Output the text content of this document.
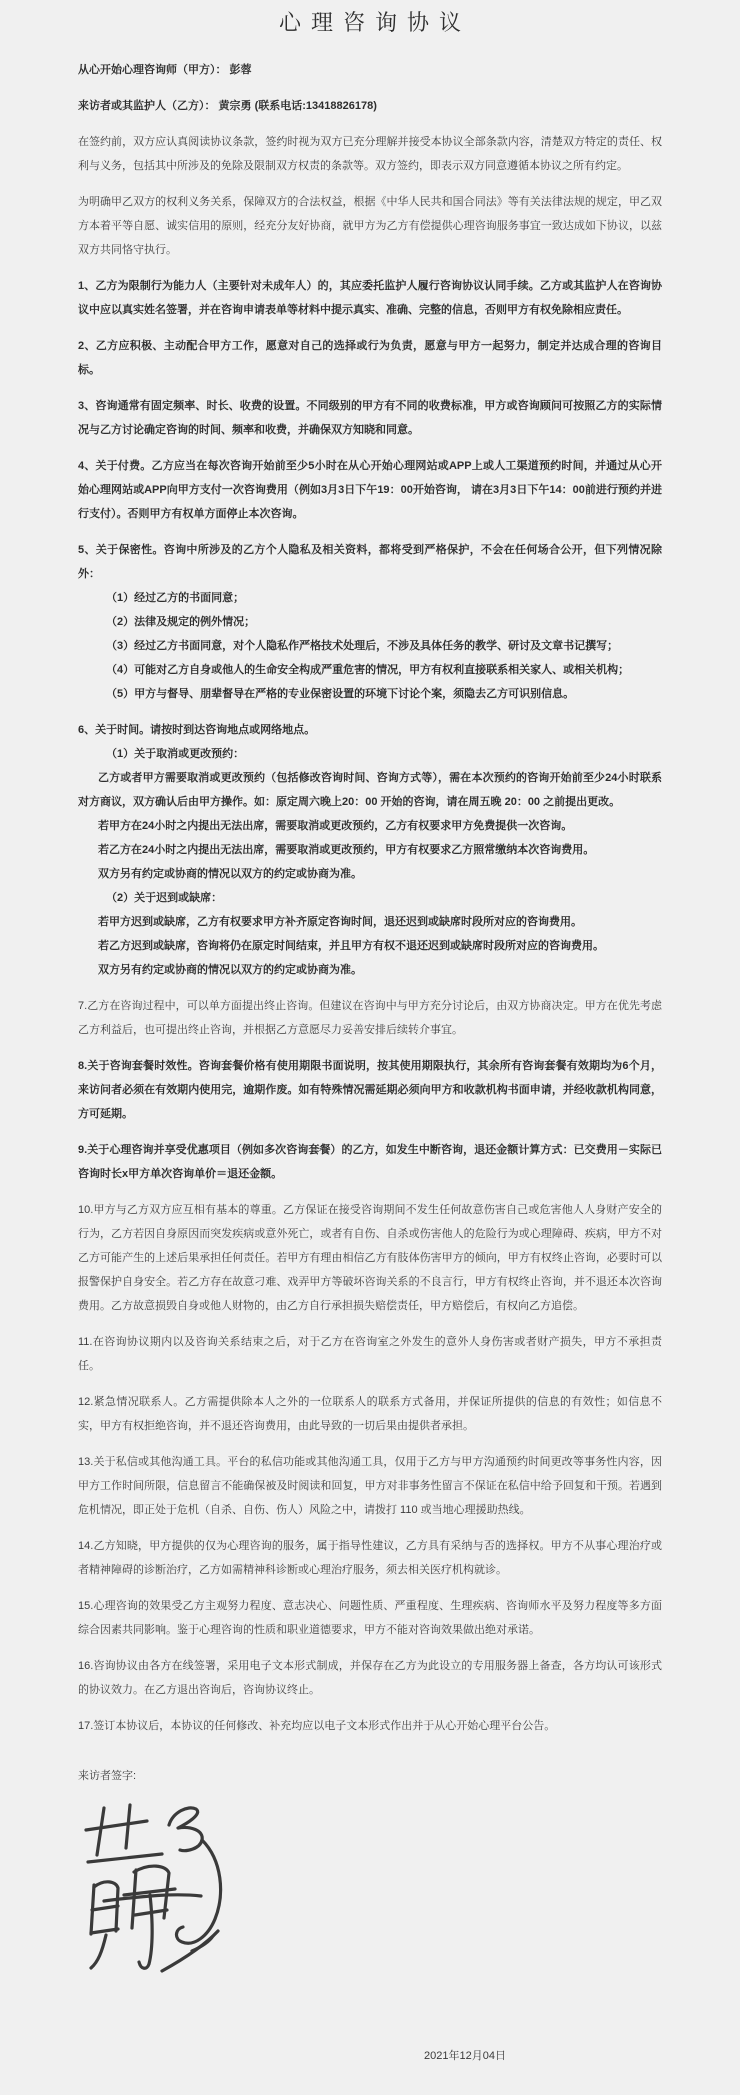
心理咨询协议

从心开始心理咨询师（甲方）： 彭蓉

来访者或其监护人（乙方）： 黄宗勇 (联系电话:13418826178)

在签约前，双方应认真阅读协议条款，签约时视为双方已充分理解并接受本协议全部条款内容，清楚双方特定的责任、权利与义务，包括其中所涉及的免除及限制双方权责的条款等。双方签约，即表示双方同意遵循本协议之所有约定。

为明确甲乙双方的权利义务关系，保障双方的合法权益，根据《中华人民共和国合同法》等有关法律法规的规定，甲乙双方本着平等自愿、诚实信用的原则，经充分友好协商，就甲方为乙方有偿提供心理咨询服务事宜一致达成如下协议，以兹双方共同恪守执行。

1、乙方为限制行为能力人（主要针对未成年人）的，其应委托监护人履行咨询协议认同手续。乙方或其监护人在咨询协议中应以真实姓名签署，并在咨询申请表单等材料中提示真实、准确、完整的信息，否则甲方有权免除相应责任。

2、乙方应积极、主动配合甲方工作，愿意对自己的选择或行为负责，愿意与甲方一起努力，制定并达成合理的咨询目标。

3、咨询通常有固定频率、时长、收费的设置。不同级别的甲方有不同的收费标准，甲方或咨询顾问可按照乙方的实际情况与乙方讨论确定咨询的时间、频率和收费，并确保双方知晓和同意。

4、关于付费。乙方应当在每次咨询开始前至少5小时在从心开始心理网站或APP上或人工渠道预约时间，并通过从心开始心理网站或APP向甲方支付一次咨询费用（例如3月3日下午19：00开始咨询， 请在3月3日下午14：00前进行预约并进行支付）。否则甲方有权单方面停止本次咨询。

5、关于保密性。咨询中所涉及的乙方个人隐私及相关资料，都将受到严格保护，不会在任何场合公开，但下列情况除外：

（1）经过乙方的书面同意；

（2）法律及规定的例外情况；

（3）经过乙方书面同意，对个人隐私作严格技术处理后，不涉及具体任务的教学、研讨及文章书记撰写；

（4）可能对乙方自身或他人的生命安全构成严重危害的情况，甲方有权利直接联系相关家人、或相关机构；

（5）甲方与督导、朋辈督导在严格的专业保密设置的环境下讨论个案，须隐去乙方可识别信息。

6、关于时间。请按时到达咨询地点或网络地点。

（1）关于取消或更改预约：

乙方或者甲方需要取消或更改预约（包括修改咨询时间、咨询方式等），需在本次预约的咨询开始前至少24小时联系对方商议，双方确认后由甲方操作。如：原定周六晚上20：00 开始的咨询，请在周五晚 20：00 之前提出更改。

若甲方在24小时之内提出无法出席，需要取消或更改预约，乙方有权要求甲方免费提供一次咨询。

若乙方在24小时之内提出无法出席，需要取消或更改预约，甲方有权要求乙方照常缴纳本次咨询费用。

双方另有约定或协商的情况以双方的约定或协商为准。

（2）关于迟到或缺席：

若甲方迟到或缺席，乙方有权要求甲方补齐原定咨询时间，退还迟到或缺席时段所对应的咨询费用。

若乙方迟到或缺席，咨询将仍在原定时间结束，并且甲方有权不退还迟到或缺席时段所对应的咨询费用。

双方另有约定或协商的情况以双方的约定或协商为准。

7.乙方在咨询过程中，可以单方面提出终止咨询。但建议在咨询中与甲方充分讨论后，由双方协商决定。甲方在优先考虑乙方利益后，也可提出终止咨询，并根据乙方意愿尽力妥善安排后续转介事宜。

8.关于咨询套餐时效性。咨询套餐价格有使用期限书面说明，按其使用期限执行，其余所有咨询套餐有效期均为6个月，来访问者必须在有效期内使用完，逾期作废。如有特殊情况需延期必须向甲方和收款机构书面申请，并经收款机构同意，方可延期。

9.关于心理咨询并享受优惠项目（例如多次咨询套餐）的乙方，如发生中断咨询，退还金额计算方式：已交费用－实际已咨询时长x甲方单次咨询单价＝退还金额。

10.甲方与乙方双方应互相有基本的尊重。乙方保证在接受咨询期间不发生任何故意伤害自己或危害他人人身财产安全的行为，乙方若因自身原因而突发疾病或意外死亡，或者有自伤、自杀或伤害他人的危险行为或心理障碍、疾病，甲方不对乙方可能产生的上述后果承担任何责任。若甲方有理由相信乙方有肢体伤害甲方的倾向，甲方有权终止咨询，必要时可以报警保护自身安全。若乙方存在故意刁难、戏弄甲方等破坏咨询关系的不良言行，甲方有权终止咨询，并不退还本次咨询费用。乙方故意损毁自身或他人财物的，由乙方自行承担损失赔偿责任，甲方赔偿后，有权向乙方追偿。

11.在咨询协议期内以及咨询关系结束之后，对于乙方在咨询室之外发生的意外人身伤害或者财产损失，甲方不承担责任。

12.紧急情况联系人。乙方需提供除本人之外的一位联系人的联系方式备用，并保证所提供的信息的有效性；如信息不实，甲方有权拒绝咨询，并不退还咨询费用，由此导致的一切后果由提供者承担。

13.关于私信或其他沟通工具。平台的私信功能或其他沟通工具，仅用于乙方与甲方沟通预约时间更改等事务性内容，因甲方工作时间所限，信息留言不能确保被及时阅读和回复，甲方对非事务性留言不保证在私信中给予回复和干预。若遇到危机情况，即正处于危机（自杀、自伤、伤人）风险之中，请拨打 110 或当地心理援助热线。

14.乙方知晓，甲方提供的仅为心理咨询的服务，属于指导性建议，乙方具有采纳与否的选择权。甲方不从事心理治疗或者精神障碍的诊断治疗，乙方如需精神科诊断或心理治疗服务，须去相关医疗机构就诊。

15.心理咨询的效果受乙方主观努力程度、意志决心、问题性质、严重程度、生理疾病、咨询师水平及努力程度等多方面综合因素共同影响。鉴于心理咨询的性质和职业道德要求，甲方不能对咨询效果做出绝对承诺。

16.咨询协议由各方在线签署，采用电子文本形式制成，并保存在乙方为此设立的专用服务器上备查，各方均认可该形式的协议效力。在乙方退出咨询后，咨询协议终止。

17.签订本协议后，本协议的任何修改、补充均应以电子文本形式作出并于从心开始心理平台公告。

来访者签字:

2021年12月04日
